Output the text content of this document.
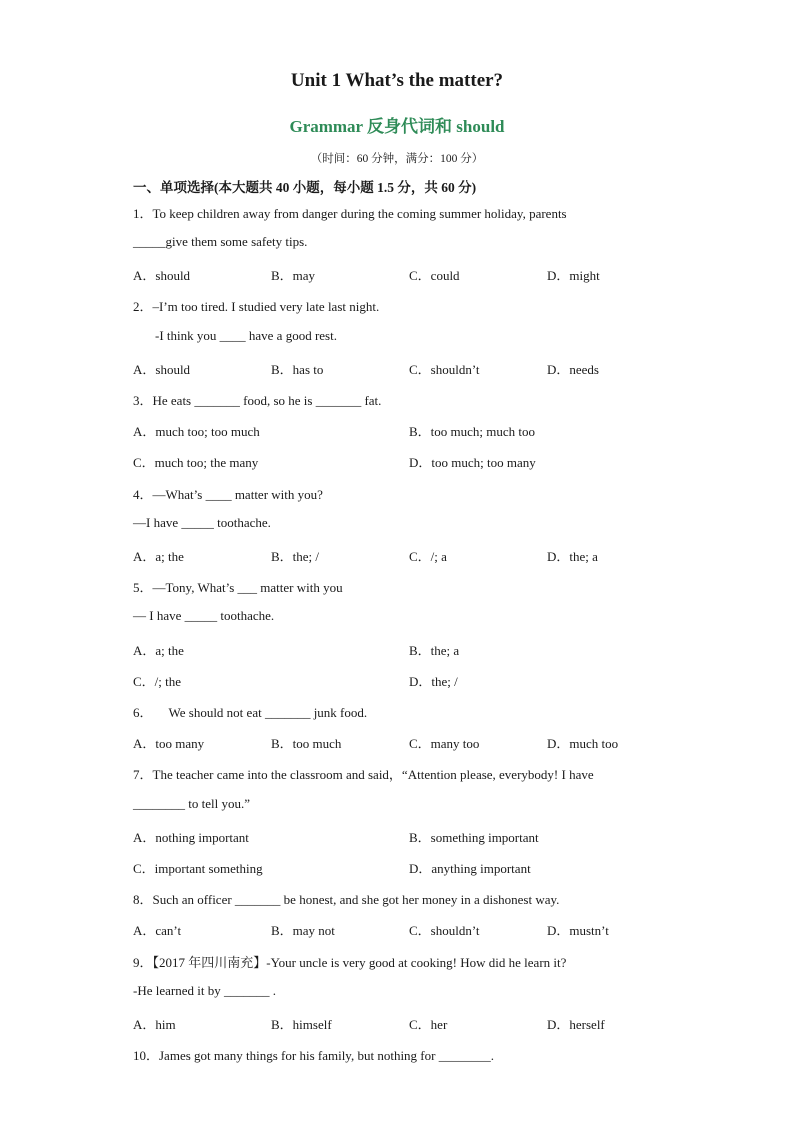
Unit 1 What’s the matter?
Grammar 反身代词和 should
（时间：60 分钟，满分：100 分）
一、单项选择(本大题共 40 小题，每小题 1.5 分，共 60 分)
1．To keep children away from danger during the coming summer holiday, parents
_____give them some safety tips.
A．should	B．may	C．could	D．might
2．–I’m too tired. I studied very late last night.
-I think you ____ have a good rest.
A．should	B．has to	C．shouldn’t	D．needs
3．He eats _______ food, so he is _______ fat.
A．much too; too much	B．too much; much too
C．much too; the many	D．too much; too many
4．—What’s ____ matter with you?
—I have _____ toothache.
A．a; the	B．the; /	C．/; a	D．the; a
5．—Tony, What’s ___ matter with you
— I have _____ toothache.
A．a; the	B．the; a
C．/; the	D．the; /
6．     We should not eat _______ junk food.
A．too many	B．too much	C．many too	D．much too
7．The teacher came into the classroom and said，“Attention please, everybody! I have
________ to tell you.”
A．nothing important	B．something important
C．important something	D．anything important
8．Such an officer _______ be honest, and she got her money in a dishonest way.
A．can’t	B．may not	C．shouldn’t	D．mustn’t
9．【2017 年四川南充】-Your uncle is very good at cooking! How did he learn it?
-He learned it by _______ .
A．him	B．himself	C．her	D．herself
10．James got many things for his family, but nothing for ________.
